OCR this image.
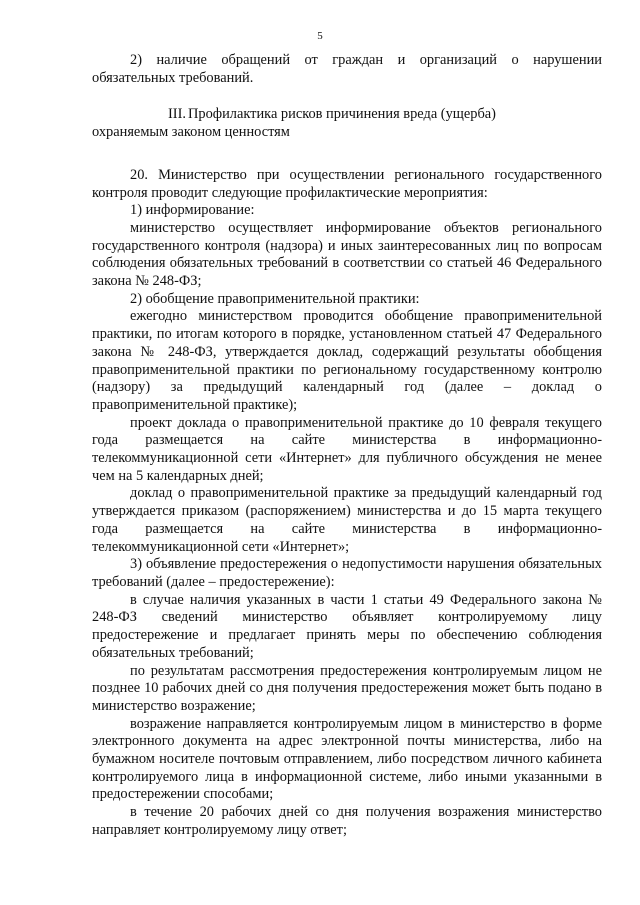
5

2) наличие обращений от граждан и организаций о нарушении обязательных требований.

III. Профилактика рисков причинения вреда (ущерба)

охраняемым законом ценностям

20. Министерство при осуществлении регионального государственного контроля проводит следующие профилактические мероприятия:

1) информирование:

министерство осуществляет информирование объектов регионального государственного контроля (надзора) и иных заинтересованных лиц по вопросам соблюдения обязательных требований в соответствии со статьей 46 Федерального закона № 248-ФЗ;

2) обобщение правоприменительной практики:

ежегодно министерством проводится обобщение правоприменительной практики, по итогам которого в порядке, установленном статьей 47 Федерального закона № 248-ФЗ, утверждается доклад, содержащий результаты обобщения правоприменительной практики по региональному государственному контролю (надзору) за предыдущий календарный год (далее – доклад о правоприменительной практике);

проект доклада о правоприменительной практике до 10 февраля текущего года размещается на сайте министерства в информационно-телекоммуникационной сети «Интернет» для публичного обсуждения не менее чем на 5 календарных дней;

доклад о правоприменительной практике за предыдущий календарный год утверждается приказом (распоряжением) министерства и до 15 марта текущего года размещается на сайте министерства в информационно-телекоммуникационной сети «Интернет»;

3) объявление предостережения о недопустимости нарушения обязательных требований (далее – предостережение):

в случае наличия указанных в части 1 статьи 49 Федерального закона № 248-ФЗ сведений министерство объявляет контролируемому лицу предостережение и предлагает принять меры по обеспечению соблюдения обязательных требований;

по результатам рассмотрения предостережения контролируемым лицом не позднее 10 рабочих дней со дня получения предостережения может быть подано в министерство возражение;

возражение направляется контролируемым лицом в министерство в форме электронного документа на адрес электронной почты министерства, либо на бумажном носителе почтовым отправлением, либо посредством личного кабинета контролируемого лица в информационной системе, либо иными указанными в предостережении способами;

в течение 20 рабочих дней со дня получения возражения министерство направляет контролируемому лицу ответ;
